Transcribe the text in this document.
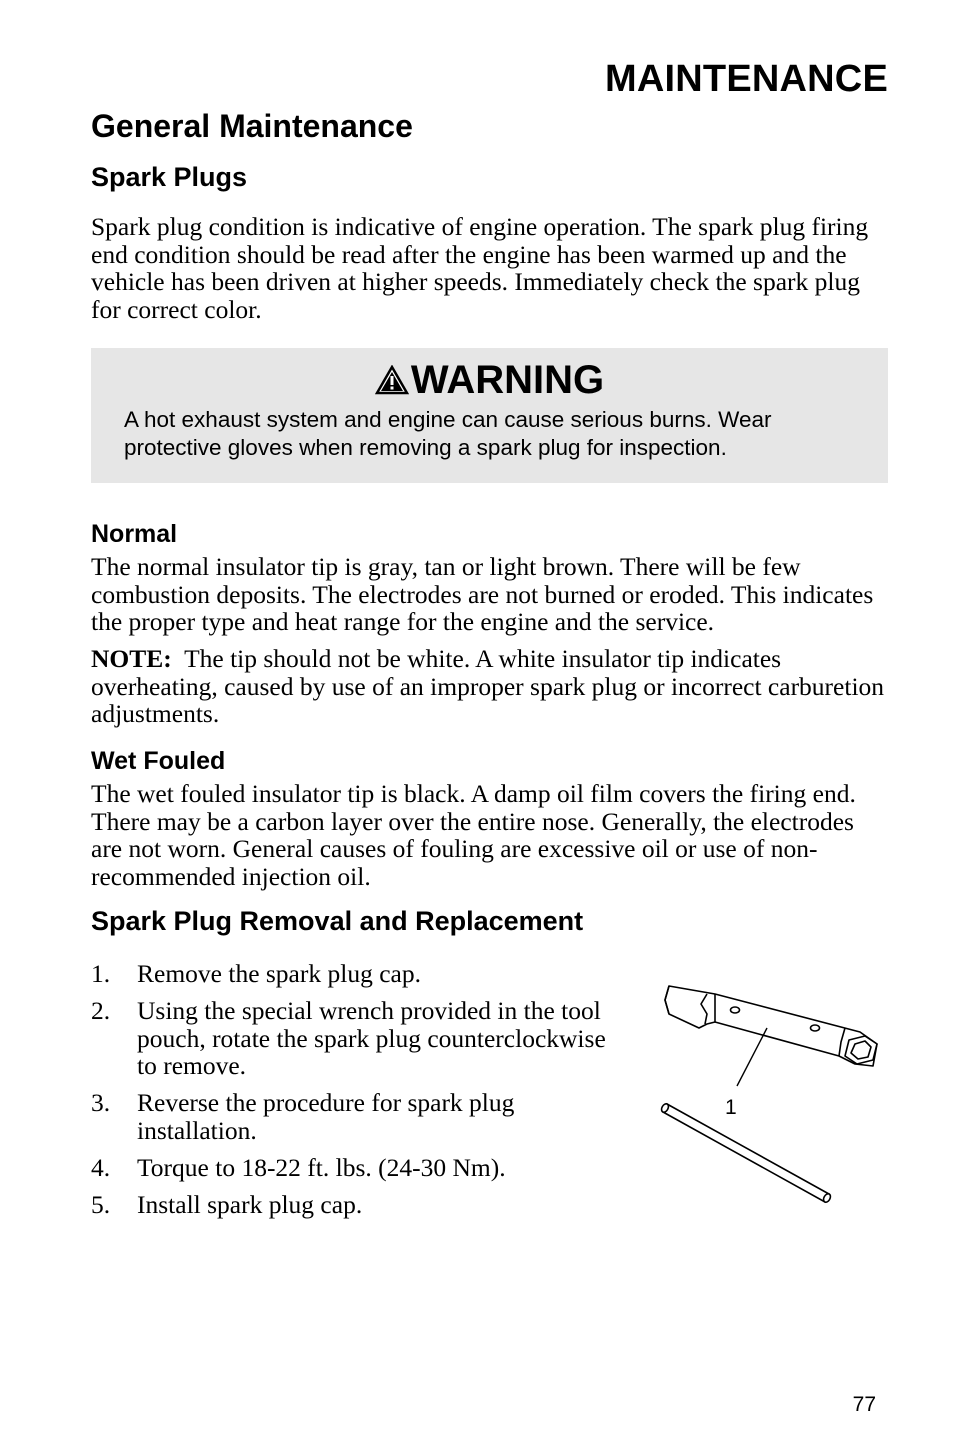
MAINTENANCE
General Maintenance
Spark Plugs
Spark plug condition is indicative of engine operation. The spark plug firing end condition should be read after the engine has been warmed up and the vehicle has been driven at higher speeds. Immediately check the spark plug for correct color.
WARNING
A hot exhaust system and engine can cause serious burns. Wear protective gloves when removing a spark plug for inspection.
Normal
The normal insulator tip is gray, tan or light brown. There will be few combustion deposits. The electrodes are not burned or eroded. This indicates the proper type and heat range for the engine and the service.
NOTE: The tip should not be white. A white insulator tip indicates overheating, caused by use of an improper spark plug or incorrect carburetion adjustments.
Wet Fouled
The wet fouled insulator tip is black. A damp oil film covers the firing end. There may be a carbon layer over the entire nose. Generally, the electrodes are not worn. General causes of fouling are excessive oil or use of non-recommended injection oil.
Spark Plug Removal and Replacement
1. Remove the spark plug cap.
2. Using the special wrench provided in the tool pouch, rotate the spark plug counterclockwise to remove.
3. Reverse the procedure for spark plug installation.
4. Torque to 18-22 ft. lbs. (24-30 Nm).
5. Install spark plug cap.
1
77
